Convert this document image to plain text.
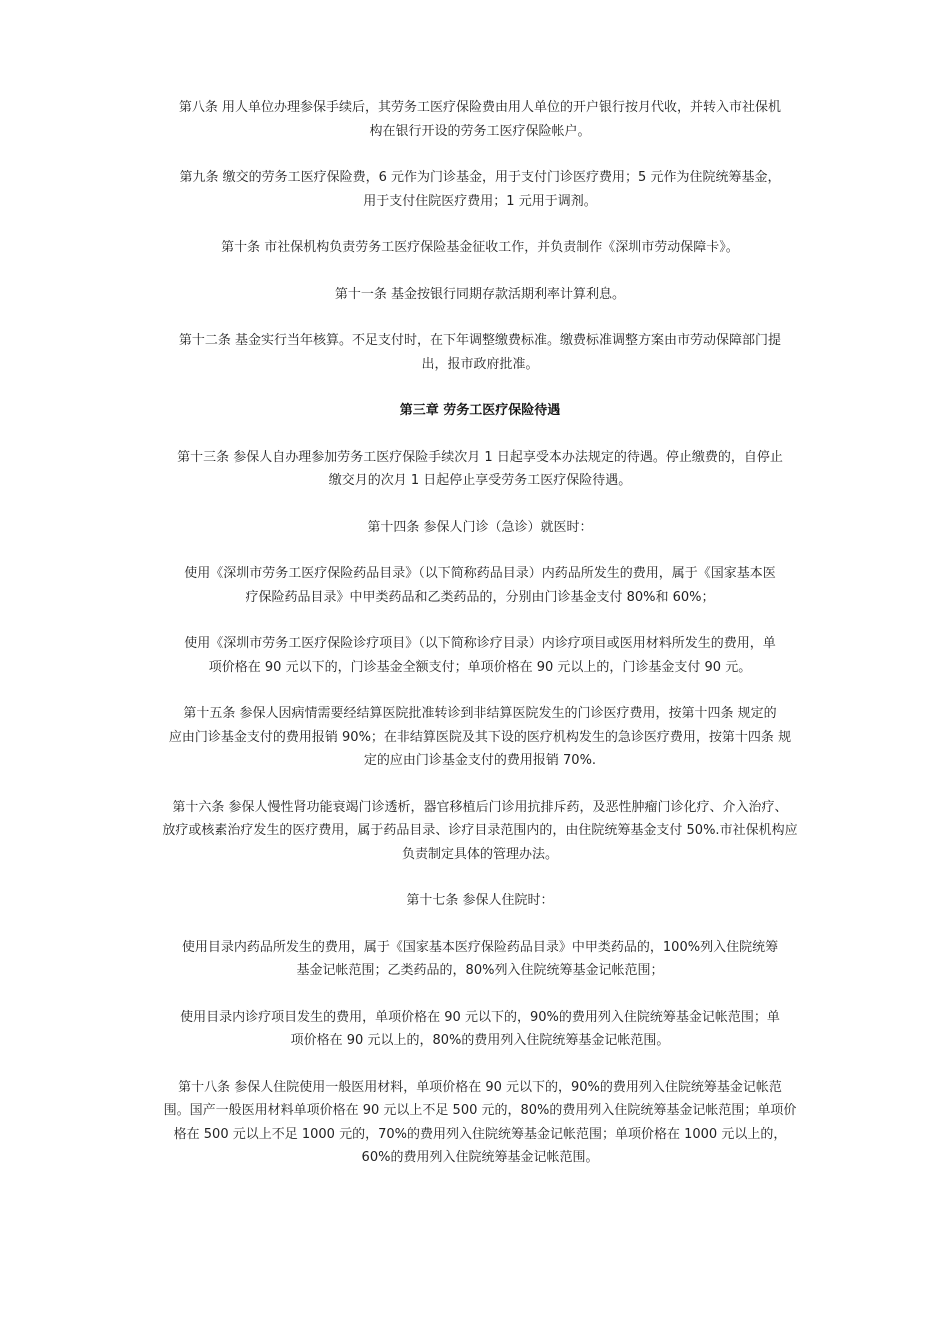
第八条 用人单位办理参保手续后，其劳务工医疗保险费由用人单位的开户银行按月代收，并转入市社保机
构在银行开设的劳务工医疗保险帐户。
第九条 缴交的劳务工医疗保险费，6 元作为门诊基金，用于支付门诊医疗费用；5 元作为住院统筹基金，
用于支付住院医疗费用；1 元用于调剂。
第十条 市社保机构负责劳务工医疗保险基金征收工作，并负责制作《深圳市劳动保障卡》。
第十一条 基金按银行同期存款活期利率计算利息。
第十二条 基金实行当年核算。不足支付时，在下年调整缴费标准。缴费标准调整方案由市劳动保障部门提
出，报市政府批准。
第三章 劳务工医疗保险待遇
第十三条 参保人自办理参加劳务工医疗保险手续次月 1 日起享受本办法规定的待遇。停止缴费的，自停止
缴交月的次月 1 日起停止享受劳务工医疗保险待遇。
第十四条 参保人门诊（急诊）就医时：
使用《深圳市劳务工医疗保险药品目录》（以下简称药品目录）内药品所发生的费用，属于《国家基本医
疗保险药品目录》中甲类药品和乙类药品的，分别由门诊基金支付 80%和 60%；
使用《深圳市劳务工医疗保险诊疗项目》（以下简称诊疗目录）内诊疗项目或医用材料所发生的费用，单
项价格在 90 元以下的，门诊基金全额支付；单项价格在 90 元以上的，门诊基金支付 90 元。
第十五条 参保人因病情需要经结算医院批准转诊到非结算医院发生的门诊医疗费用，按第十四条 规定的
应由门诊基金支付的费用报销 90%；在非结算医院及其下设的医疗机构发生的急诊医疗费用，按第十四条 规
定的应由门诊基金支付的费用报销 70%.
第十六条 参保人慢性肾功能衰竭门诊透析，器官移植后门诊用抗排斥药，及恶性肿瘤门诊化疗、介入治疗、
放疗或核素治疗发生的医疗费用，属于药品目录、诊疗目录范围内的，由住院统筹基金支付 50%.市社保机构应
负责制定具体的管理办法。
第十七条 参保人住院时：
使用目录内药品所发生的费用，属于《国家基本医疗保险药品目录》中甲类药品的，100%列入住院统筹
基金记帐范围；乙类药品的，80%列入住院统筹基金记帐范围；
使用目录内诊疗项目发生的费用，单项价格在 90 元以下的，90%的费用列入住院统筹基金记帐范围；单
项价格在 90 元以上的，80%的费用列入住院统筹基金记帐范围。
第十八条 参保人住院使用一般医用材料，单项价格在 90 元以下的，90%的费用列入住院统筹基金记帐范
围。国产一般医用材料单项价格在 90 元以上不足 500 元的，80%的费用列入住院统筹基金记帐范围；单项价
格在 500 元以上不足 1000 元的，70%的费用列入住院统筹基金记帐范围；单项价格在 1000 元以上的，
60%的费用列入住院统筹基金记帐范围。
